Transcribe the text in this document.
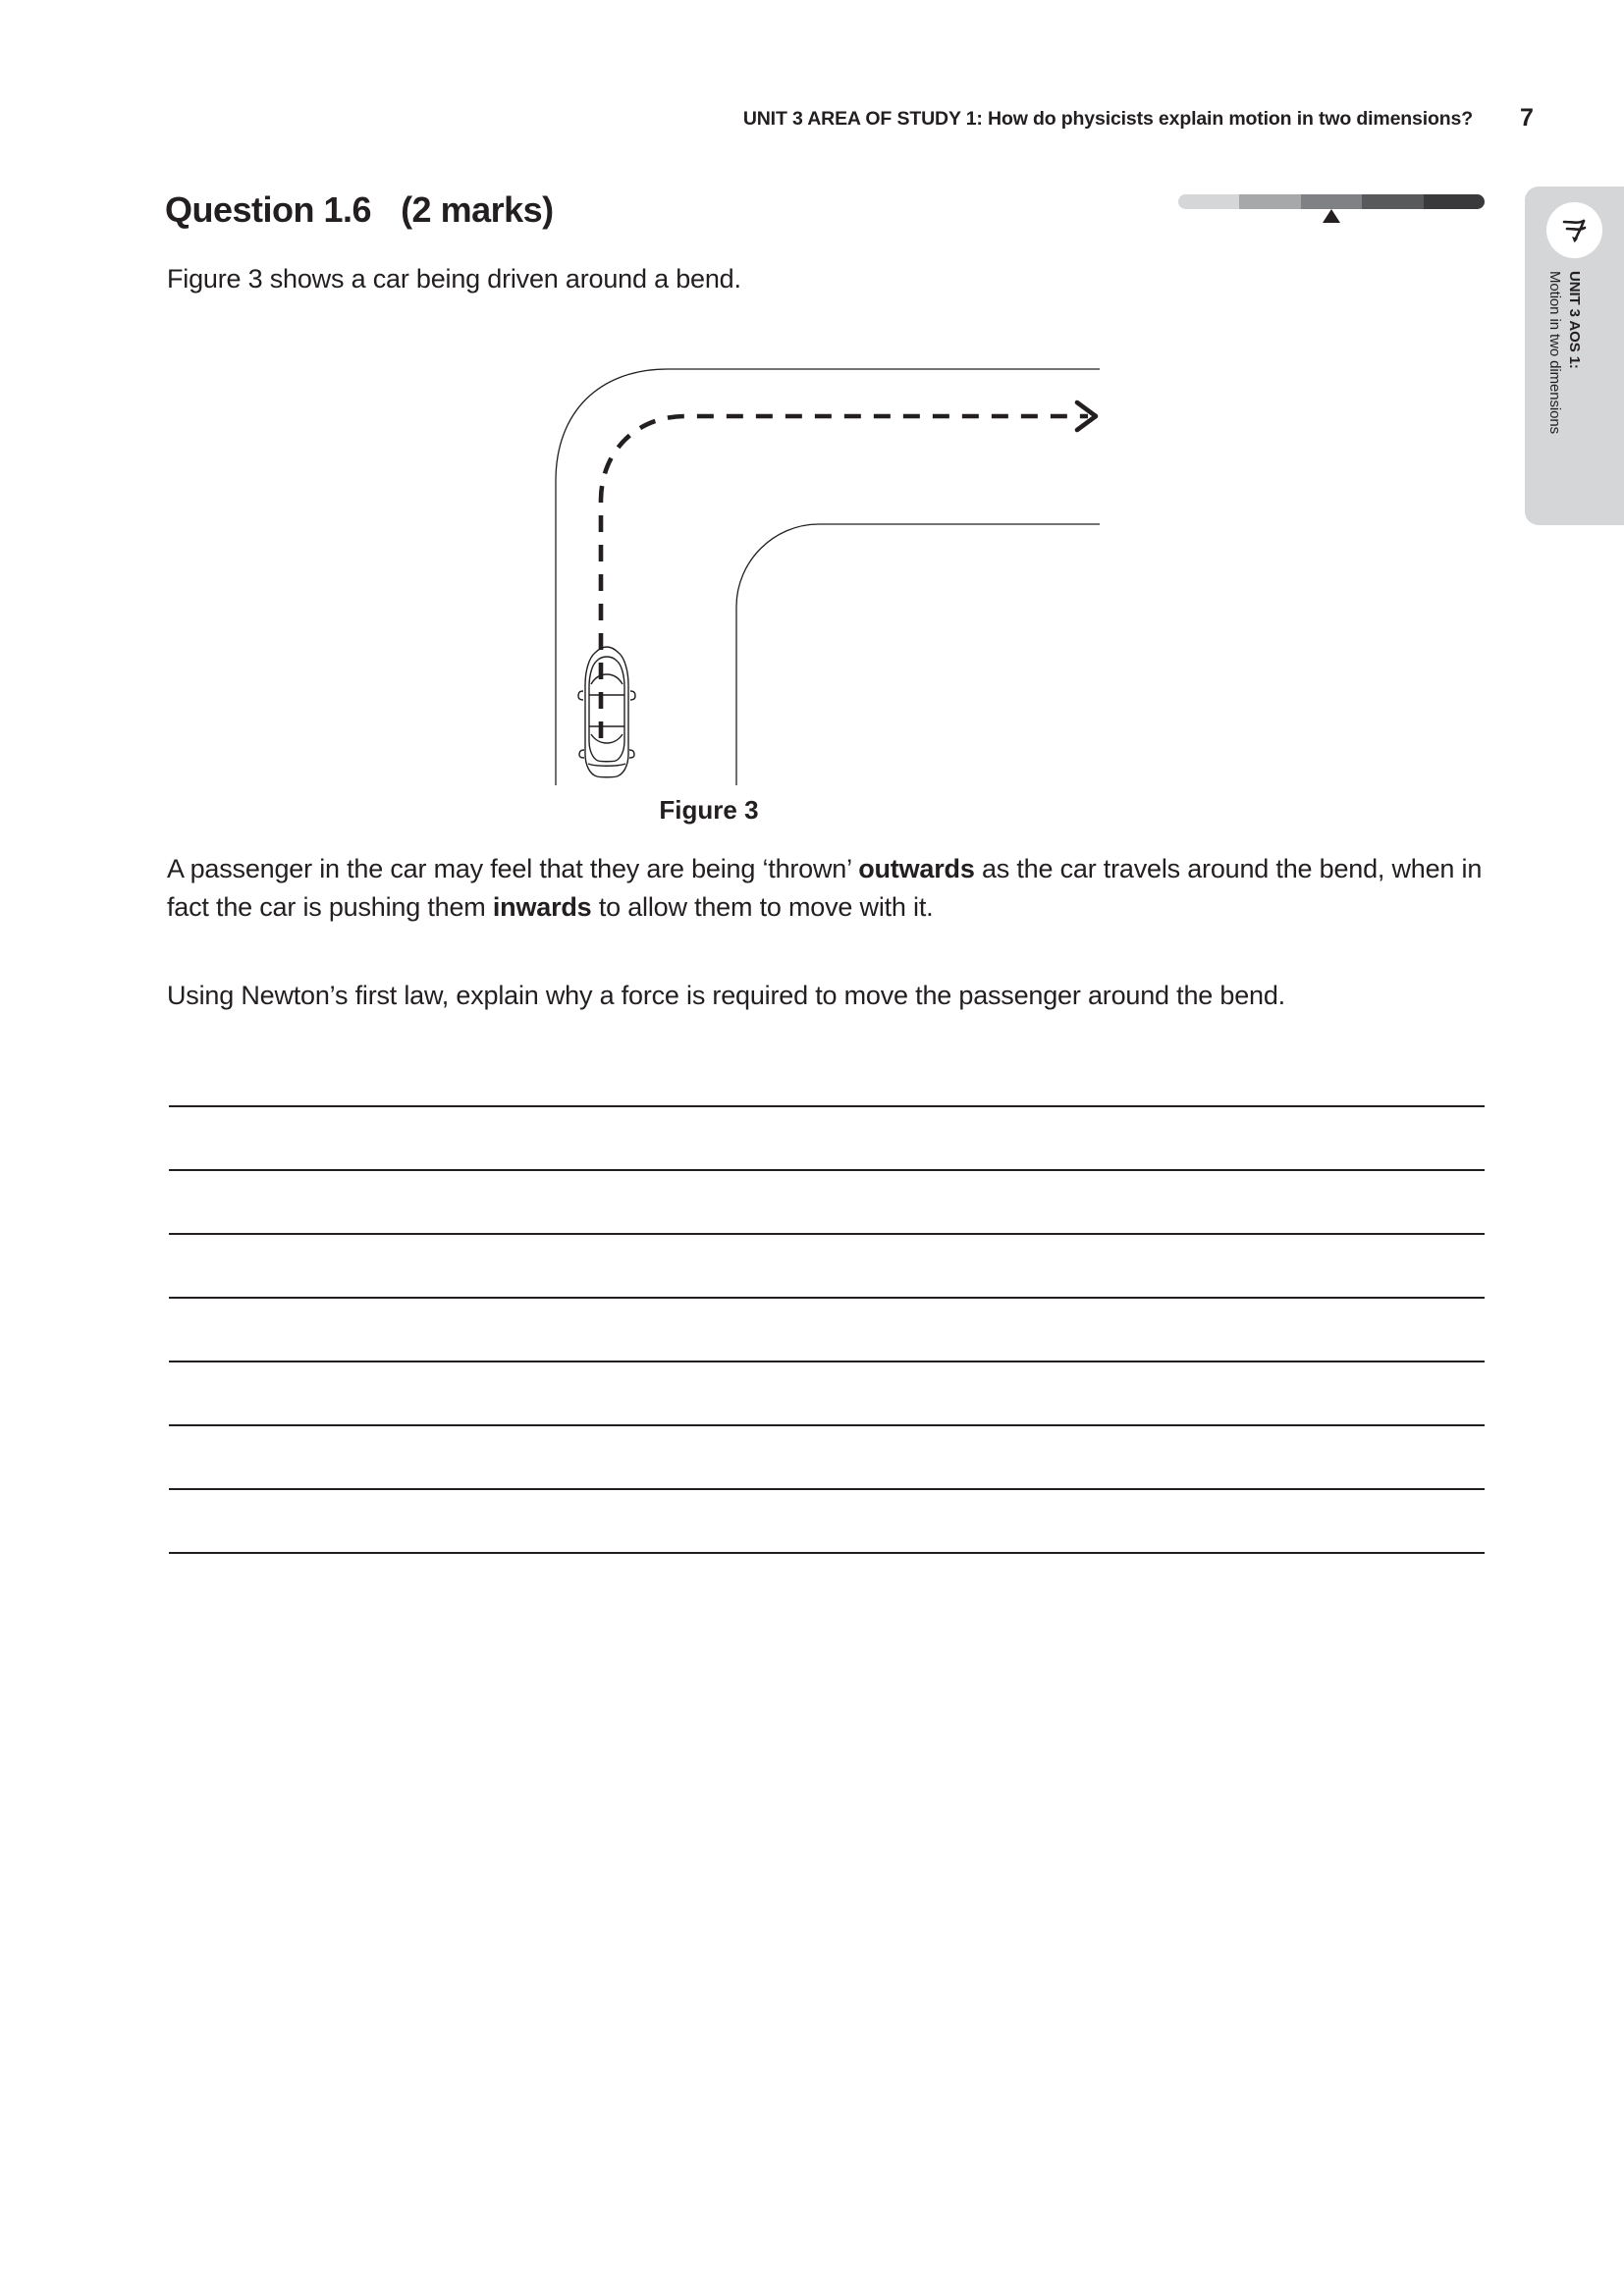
UNIT 3 AREA OF STUDY 1: How do physicists explain motion in two dimensions? 7
UNIT 3 AOS 1:
Motion in two dimensions
Question 1.6 (2 marks)
Figure 3 shows a car being driven around a bend.
Figure 3
A passenger in the car may feel that they are being ‘thrown’ outwards as the car travels around the bend, when in fact the car is pushing them inwards to allow them to move with it.
Using Newton’s first law, explain why a force is required to move the passenger around the bend.
